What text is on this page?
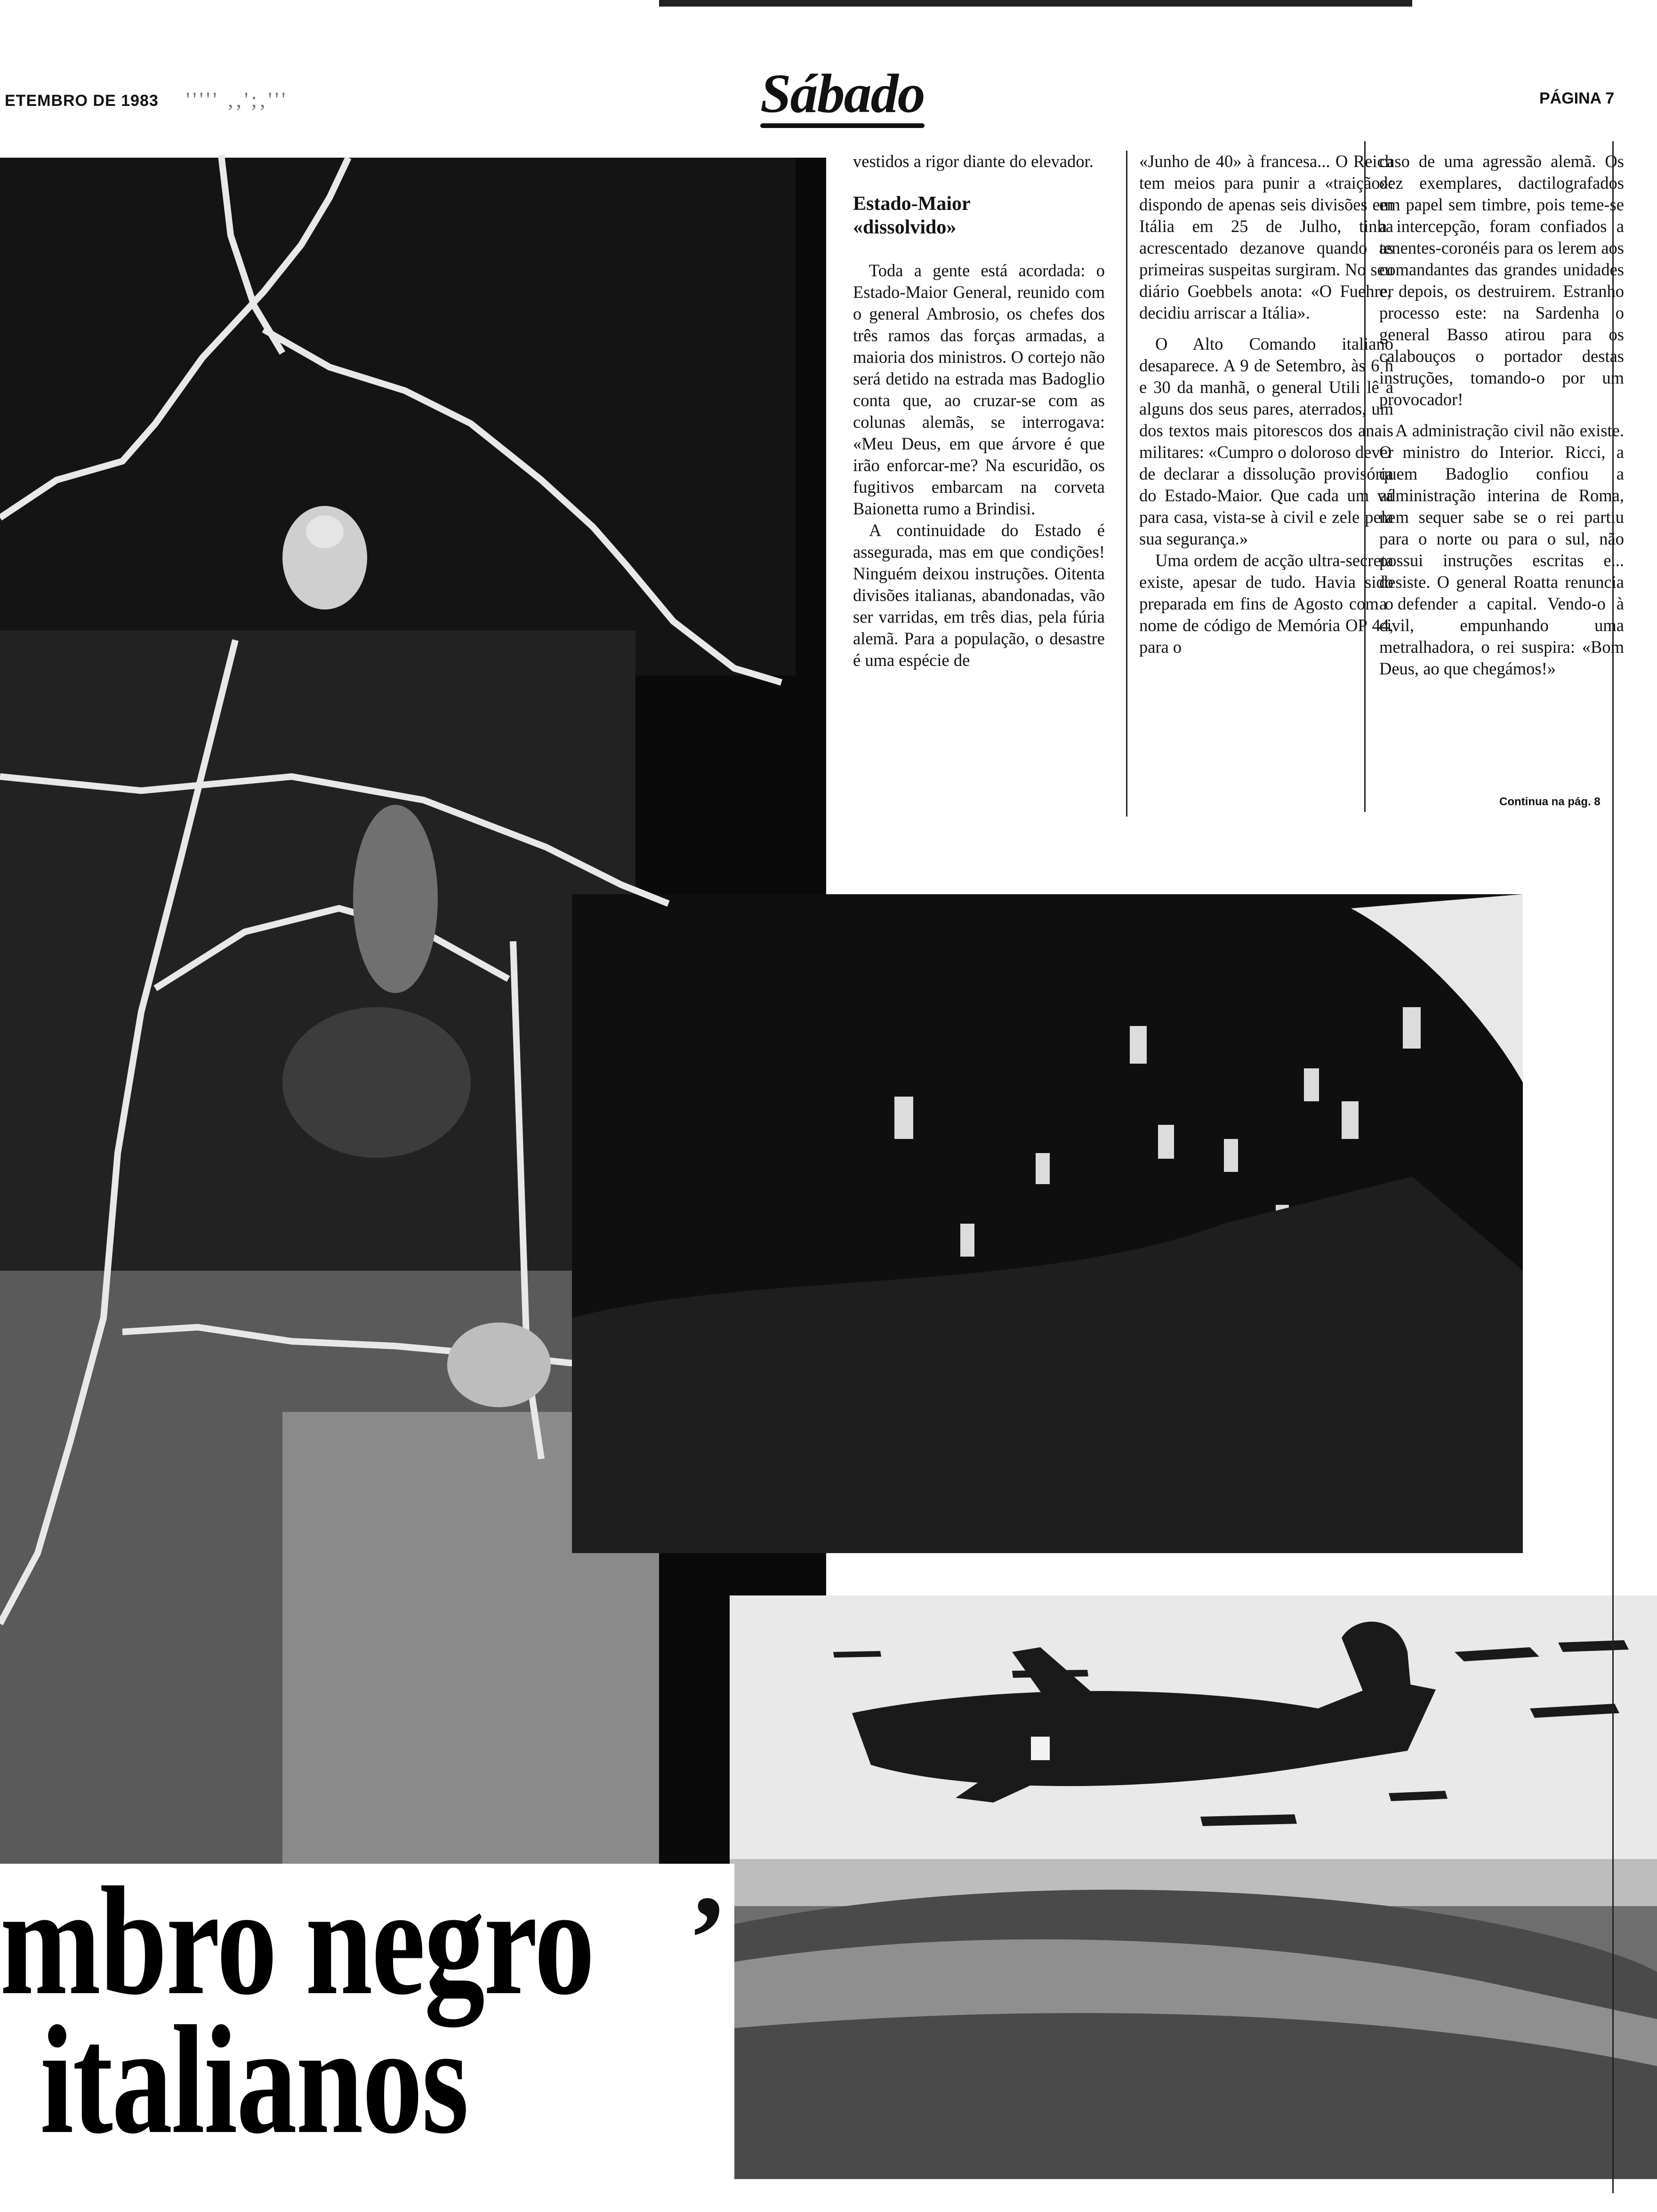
ETEMBRO DE 1983 ''''' ,,';,'''	Sábado	PÁGINA 7

vestidos a rigor diante do elevador.

Estado-Maior
«dissolvido»

Toda a gente está acordada: o Estado-Maior General, reunido com o general Ambrosio, os chefes dos três ramos das forças armadas, a maioria dos ministros. O cortejo não será detido na estrada mas Badoglio conta que, ao cruzar-se com as colunas alemãs, se interrogava: «Meu Deus, em que árvore é que irão enforcar-me? Na escuridão, os fugitivos embarcam na corveta Baionetta rumo a Brindisi.

A continuidade do Estado é assegurada, mas em que condições! Ninguém deixou instruções. Oitenta divisões italianas, abandonadas, vão ser varridas, em três dias, pela fúria alemã. Para a população, o desastre é uma espécie de

«Junho de 40» à francesa... O Reich tem meios para punir a «traição»: dispondo de apenas seis divisões em Itália em 25 de Julho, tinha acrescentado dezanove quando as primeiras suspeitas surgiram. No seu diário Goebbels anota: «O Fuehrer decidiu arriscar a Itália».

O Alto Comando italiano desaparece. A 9 de Setembro, às 6 h e 30 da manhã, o general Utili lê a alguns dos seus pares, aterrados, um dos textos mais pitorescos dos anais militares: «Cumpro o doloroso dever de declarar a dissolução provisória do Estado-Maior. Que cada um vá para casa, vista-se à civil e zele pela sua segurança.»

Uma ordem de acção ultra-secreta existe, apesar de tudo. Havia sido preparada em fins de Agosto com o nome de código de Memória OP 44, para o

caso de uma agressão alemã. Os dez exemplares, dactilografados em papel sem timbre, pois teme-se a intercepção, foram confiados a tenentes-coronéis para os lerem aos comandantes das grandes unidades e, depois, os destruirem. Estranho processo este: na Sardenha o general Basso atirou para os calabouços o portador destas instruções, tomando-o por um provocador!

A administração civil não existe. O ministro do Interior. Ricci, a quem Badoglio confiou a administração interina de Roma, nem sequer sabe se o rei partiu para o norte ou para o sul, não possui instruções escritas e... desiste. O general Roatta renuncia a defender a capital. Vendo-o à civil, empunhando uma metralhadora, o rei suspira: «Bom Deus, ao que chegámos!»

Continua na pág. 8
mbro negro ’
italianos
